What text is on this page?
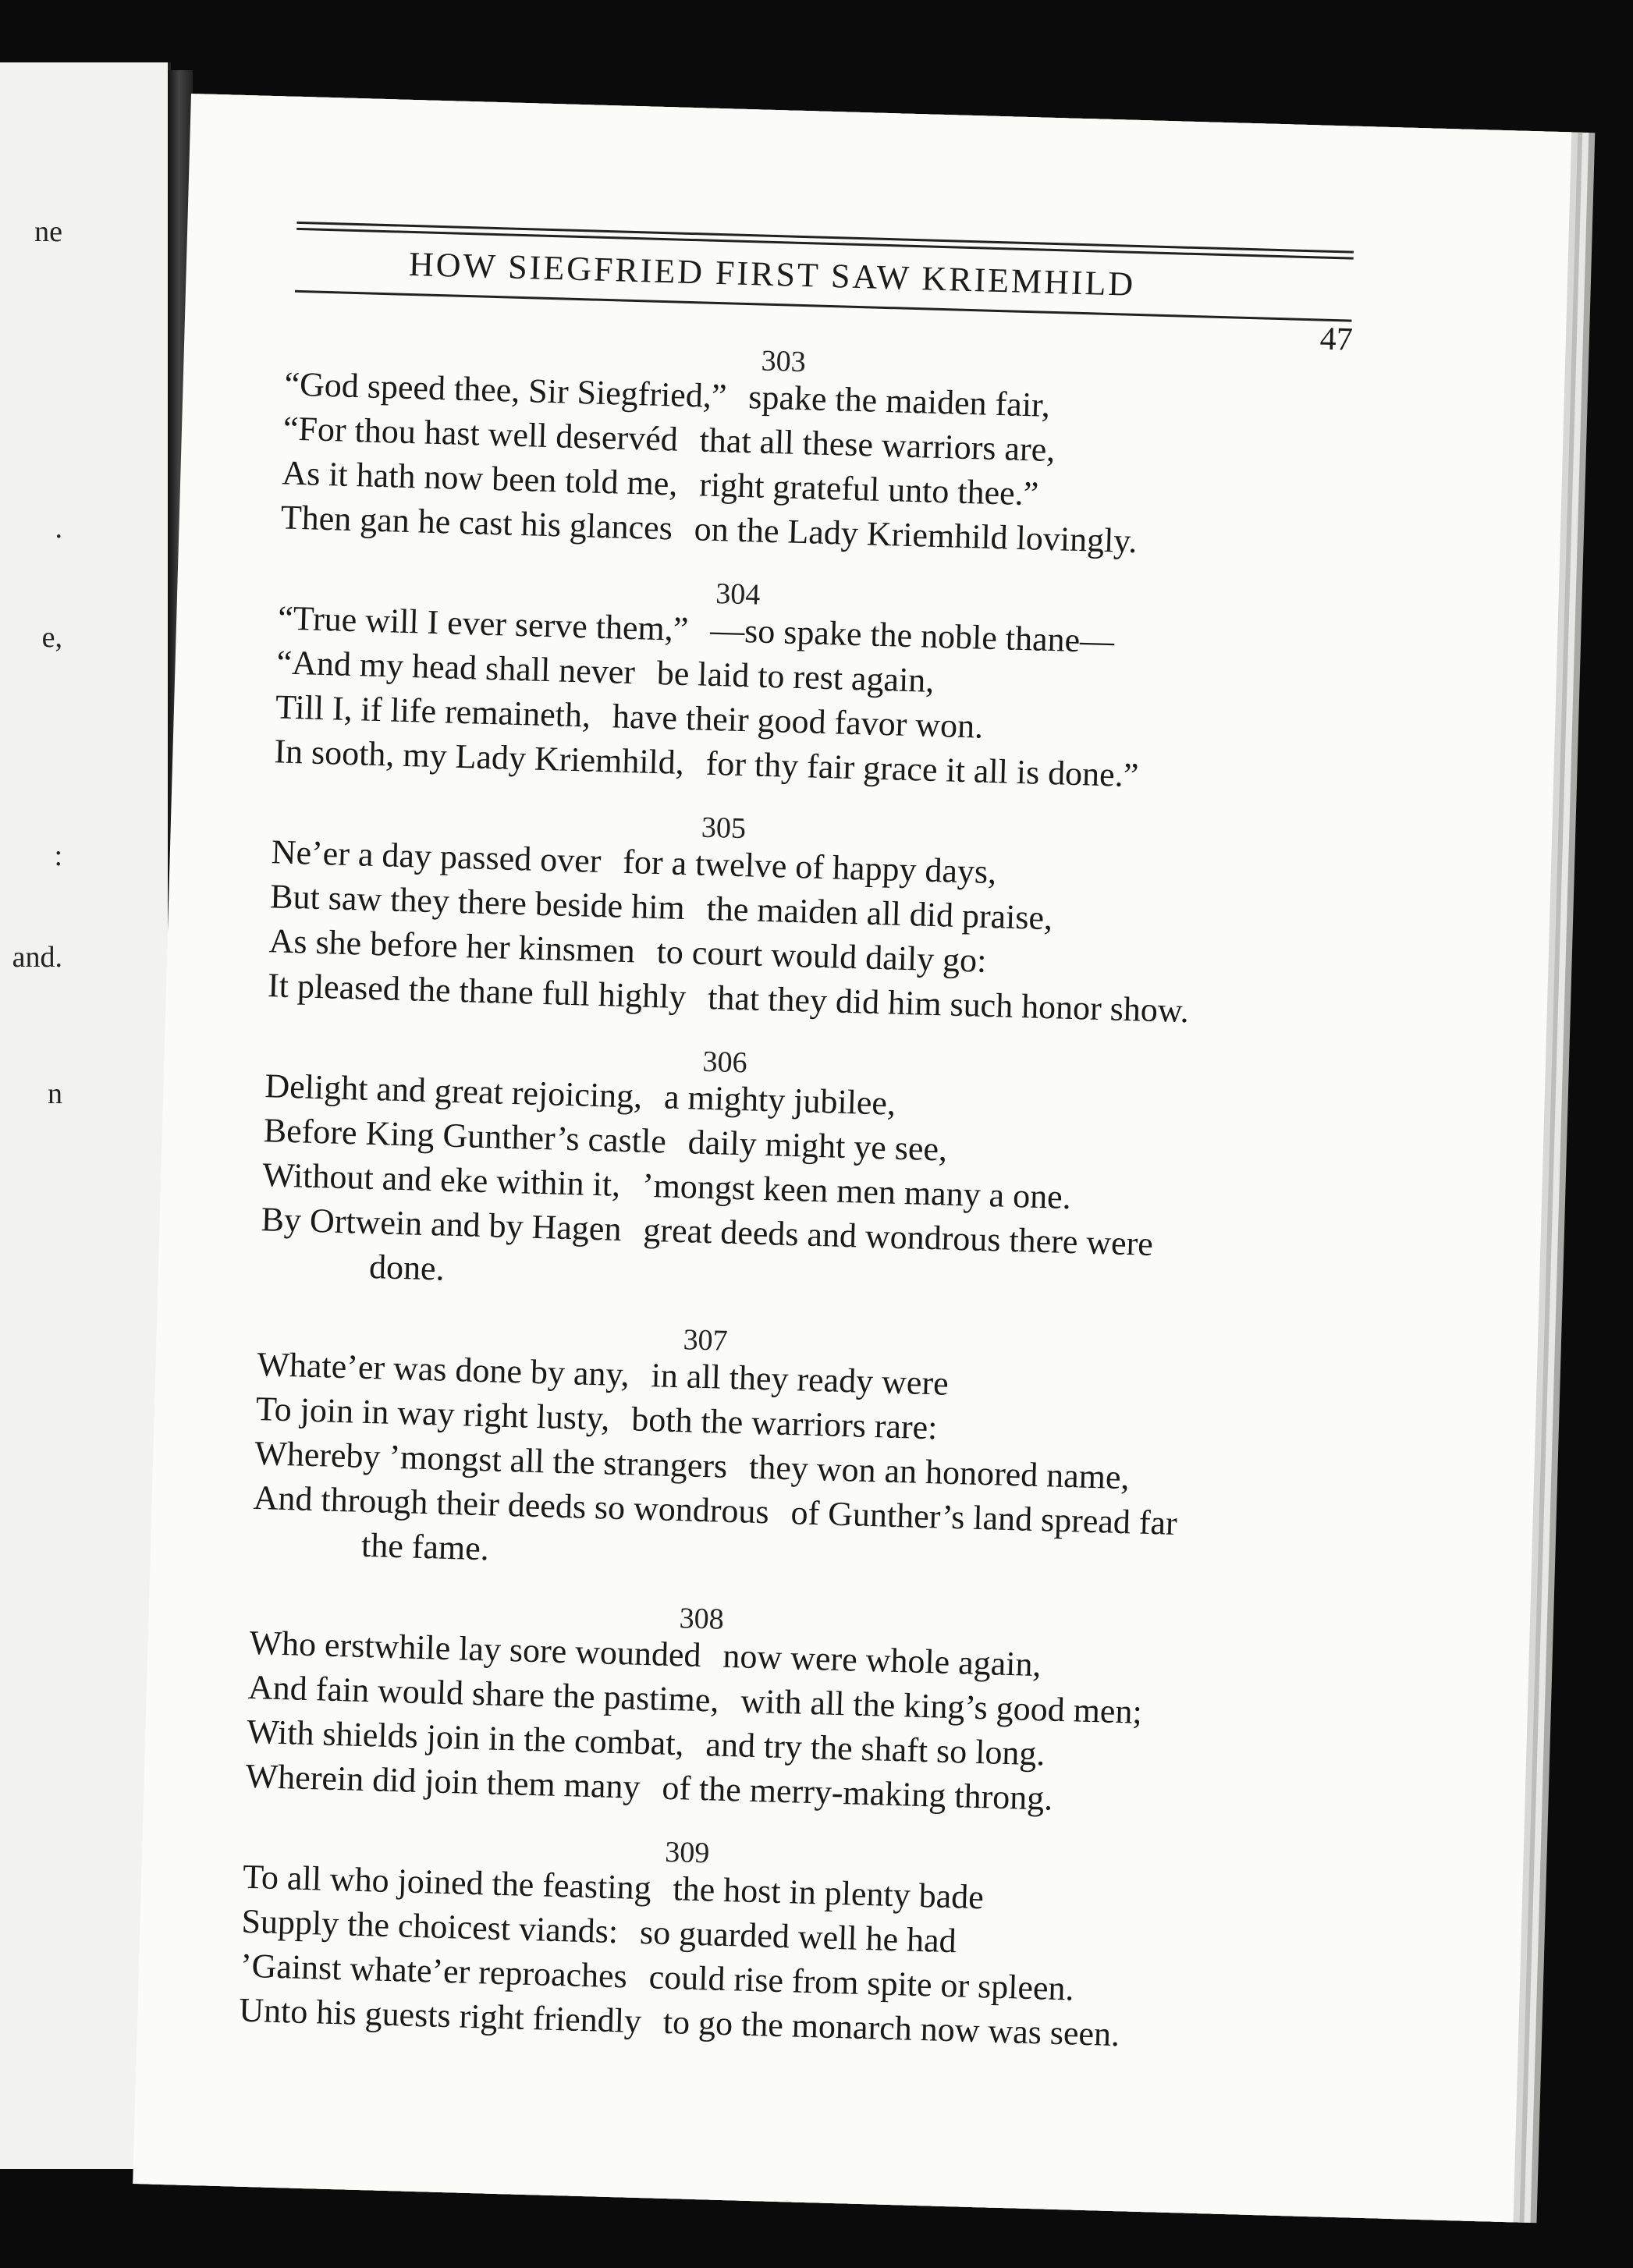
ne
.
e,
:
and.
n
HOW SIEGFRIED FIRST SAW KRIEMHILD
47
303
“God speed thee, Sir Siegfried,” spake the maiden fair,
“For thou hast well deservéd that all these warriors are,
As it hath now been told me, right grateful unto thee.”
Then gan he cast his glances on the Lady Kriemhild lovingly.
304
“True will I ever serve them,” —so spake the noble thane—
“And my head shall never be laid to rest again,
Till I, if life remaineth, have their good favor won.
In sooth, my Lady Kriemhild, for thy fair grace it all is done.”
305
Ne’er a day passed over for a twelve of happy days,
But saw they there beside him the maiden all did praise,
As she before her kinsmen to court would daily go:
It pleased the thane full highly that they did him such honor show.
306
Delight and great rejoicing, a mighty jubilee,
Before King Gunther’s castle daily might ye see,
Without and eke within it, ’mongst keen men many a one.
By Ortwein and by Hagen great deeds and wondrous there were
done.
307
Whate’er was done by any, in all they ready were
To join in way right lusty, both the warriors rare:
Whereby ’mongst all the strangers they won an honored name,
And through their deeds so wondrous of Gunther’s land spread far
the fame.
308
Who erstwhile lay sore wounded now were whole again,
And fain would share the pastime, with all the king’s good men;
With shields join in the combat, and try the shaft so long.
Wherein did join them many of the merry-making throng.
309
To all who joined the feasting the host in plenty bade
Supply the choicest viands: so guarded well he had
’Gainst whate’er reproaches could rise from spite or spleen.
Unto his guests right friendly to go the monarch now was seen.
